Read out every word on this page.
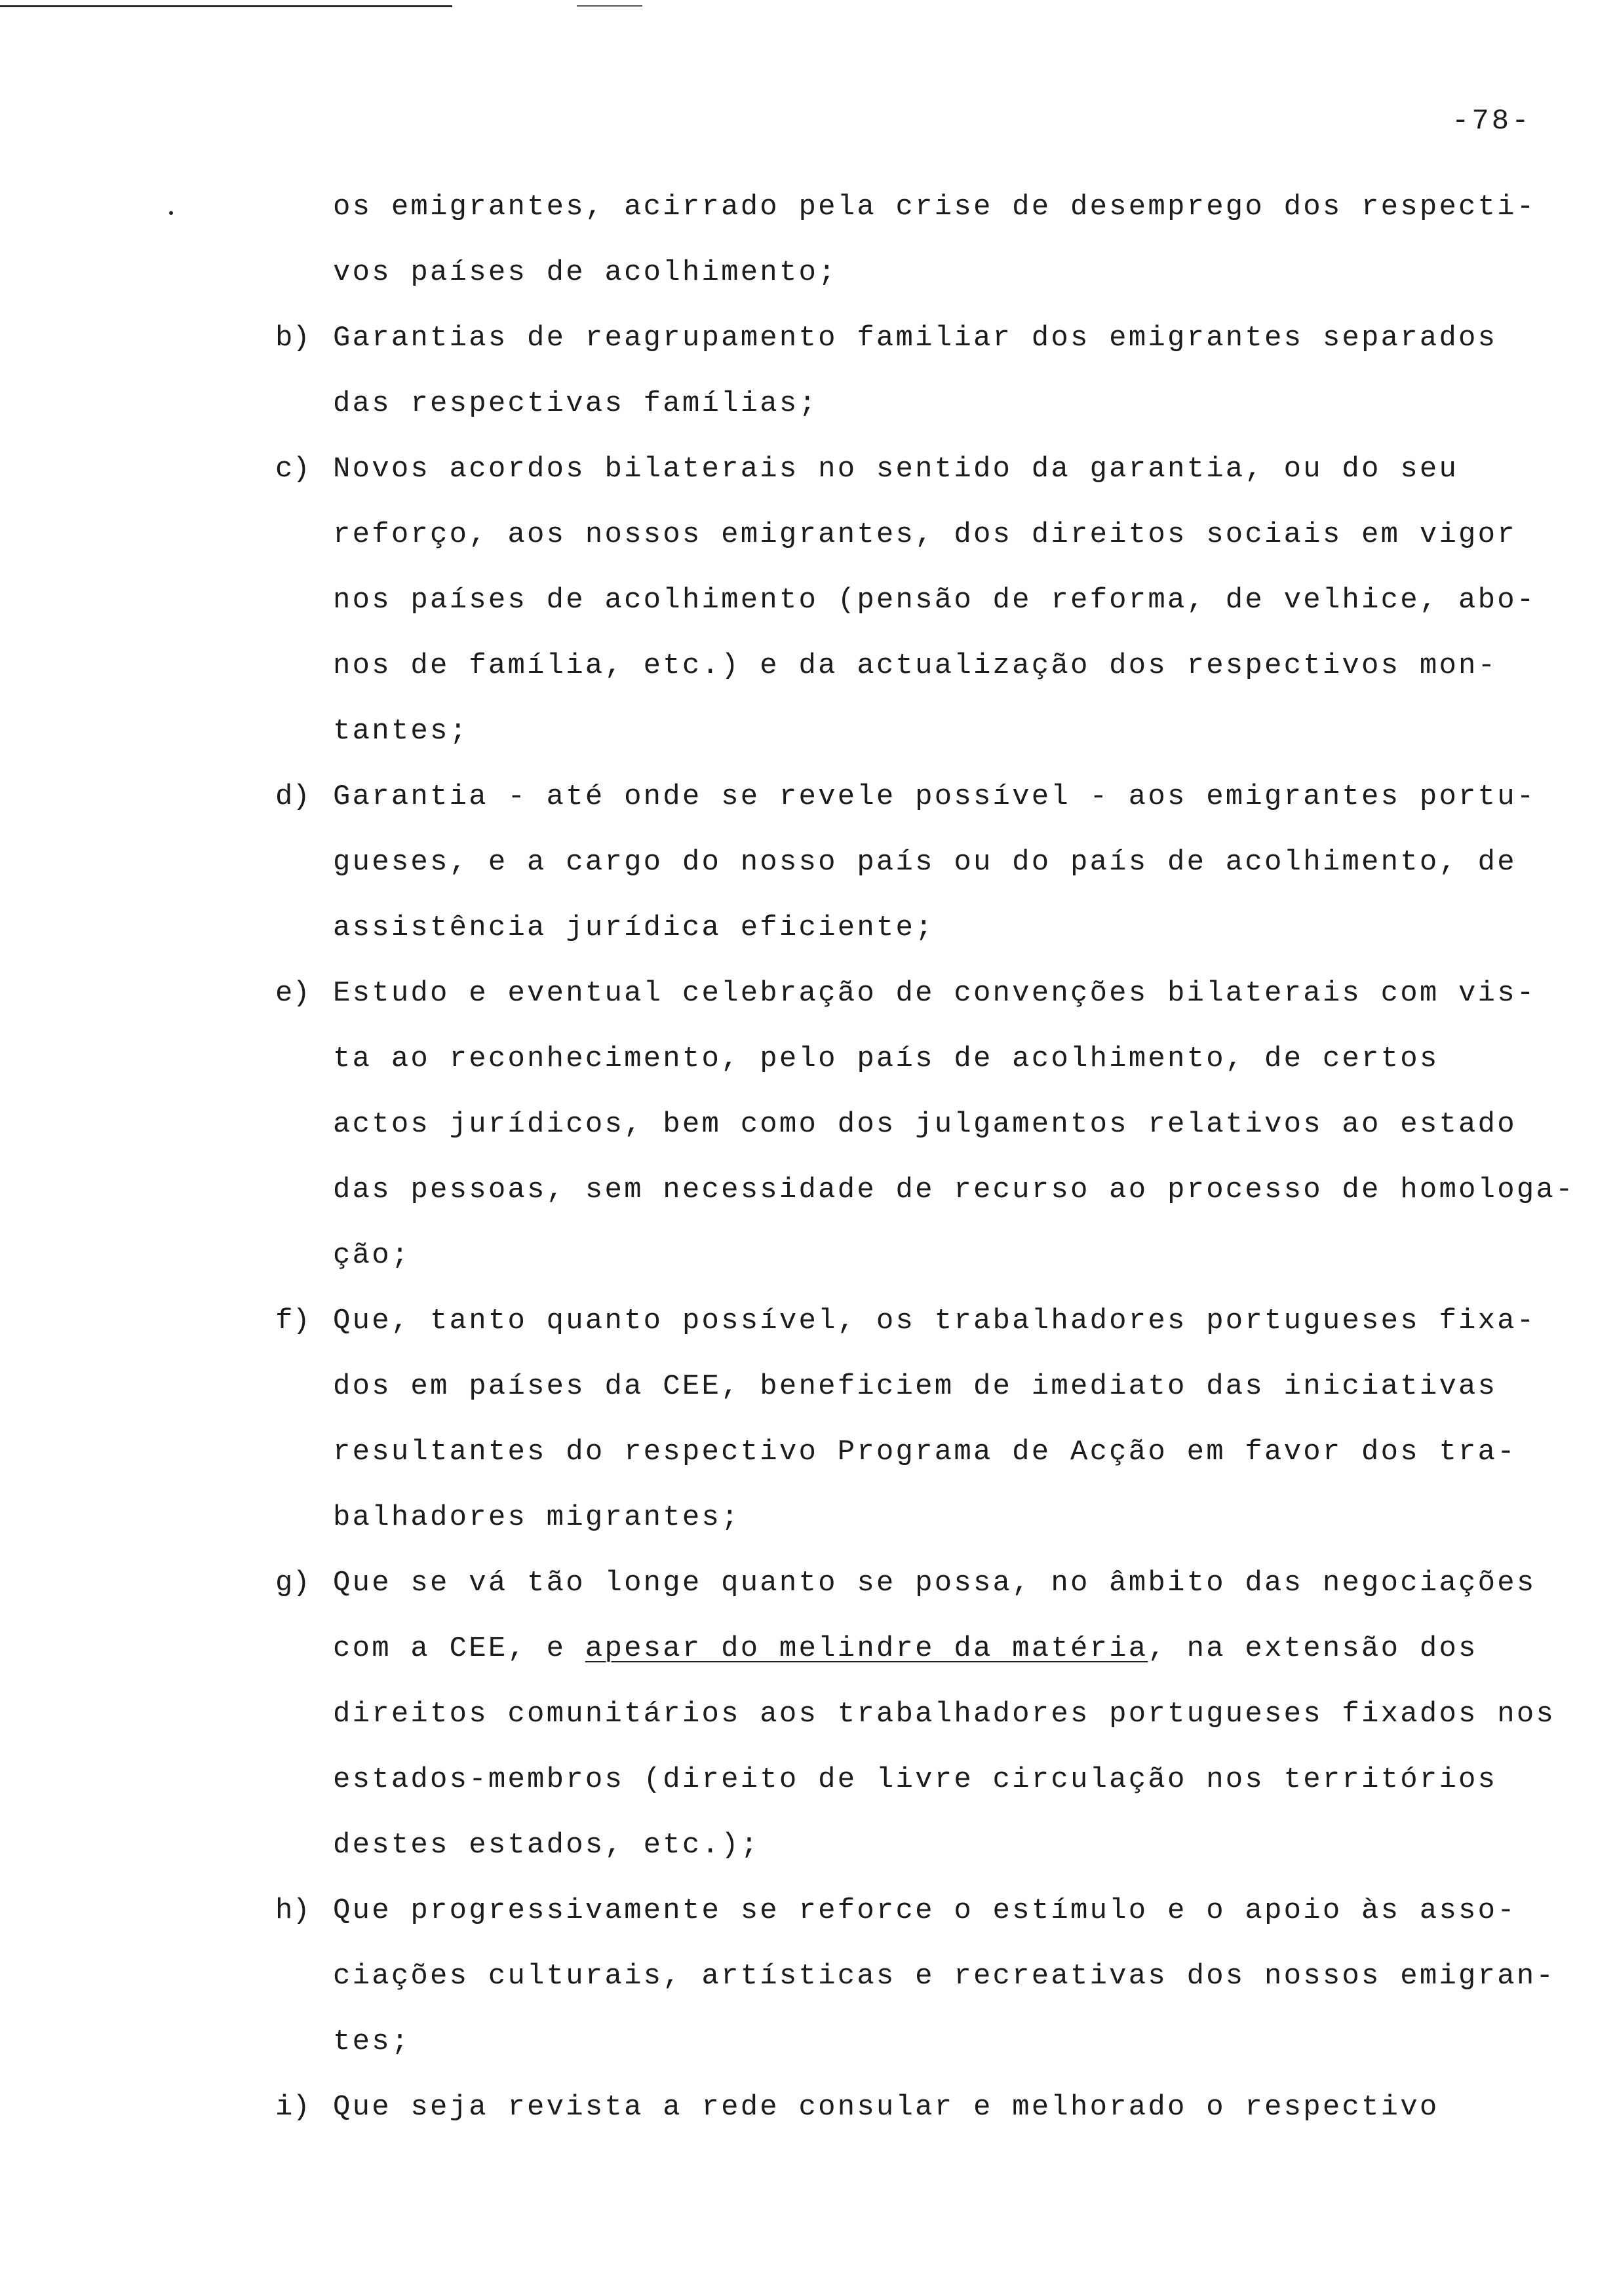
-78-
os emigrantes, acirrado pela crise de desemprego dos respecti-
vos países de acolhimento;
b) Garantias de reagrupamento familiar dos emigrantes separados
das respectivas famílias;
c) Novos acordos bilaterais no sentido da garantia, ou do seu
reforço, aos nossos emigrantes, dos direitos sociais em vigor
nos países de acolhimento (pensão de reforma, de velhice, abo-
nos de família, etc.) e da actualização dos respectivos mon-
tantes;
d) Garantia - até onde se revele possível - aos emigrantes portu-
gueses, e a cargo do nosso país ou do país de acolhimento, de
assistência jurídica eficiente;
e) Estudo e eventual celebração de convenções bilaterais com vis-
ta ao reconhecimento, pelo país de acolhimento, de certos
actos jurídicos, bem como dos julgamentos relativos ao estado
das pessoas, sem necessidade de recurso ao processo de homologa-
ção;
f) Que, tanto quanto possível, os trabalhadores portugueses fixa-
dos em países da CEE, beneficiem de imediato das iniciativas
resultantes do respectivo Programa de Acção em favor dos tra-
balhadores migrantes;
g) Que se vá tão longe quanto se possa, no âmbito das negociações
com a CEE, e apesar do melindre da matéria, na extensão dos
direitos comunitários aos trabalhadores portugueses fixados nos
estados-membros (direito de livre circulação nos territórios
destes estados, etc.);
h) Que progressivamente se reforce o estímulo e o apoio às asso-
ciações culturais, artísticas e recreativas dos nossos emigran-
tes;
i) Que seja revista a rede consular e melhorado o respectivo
